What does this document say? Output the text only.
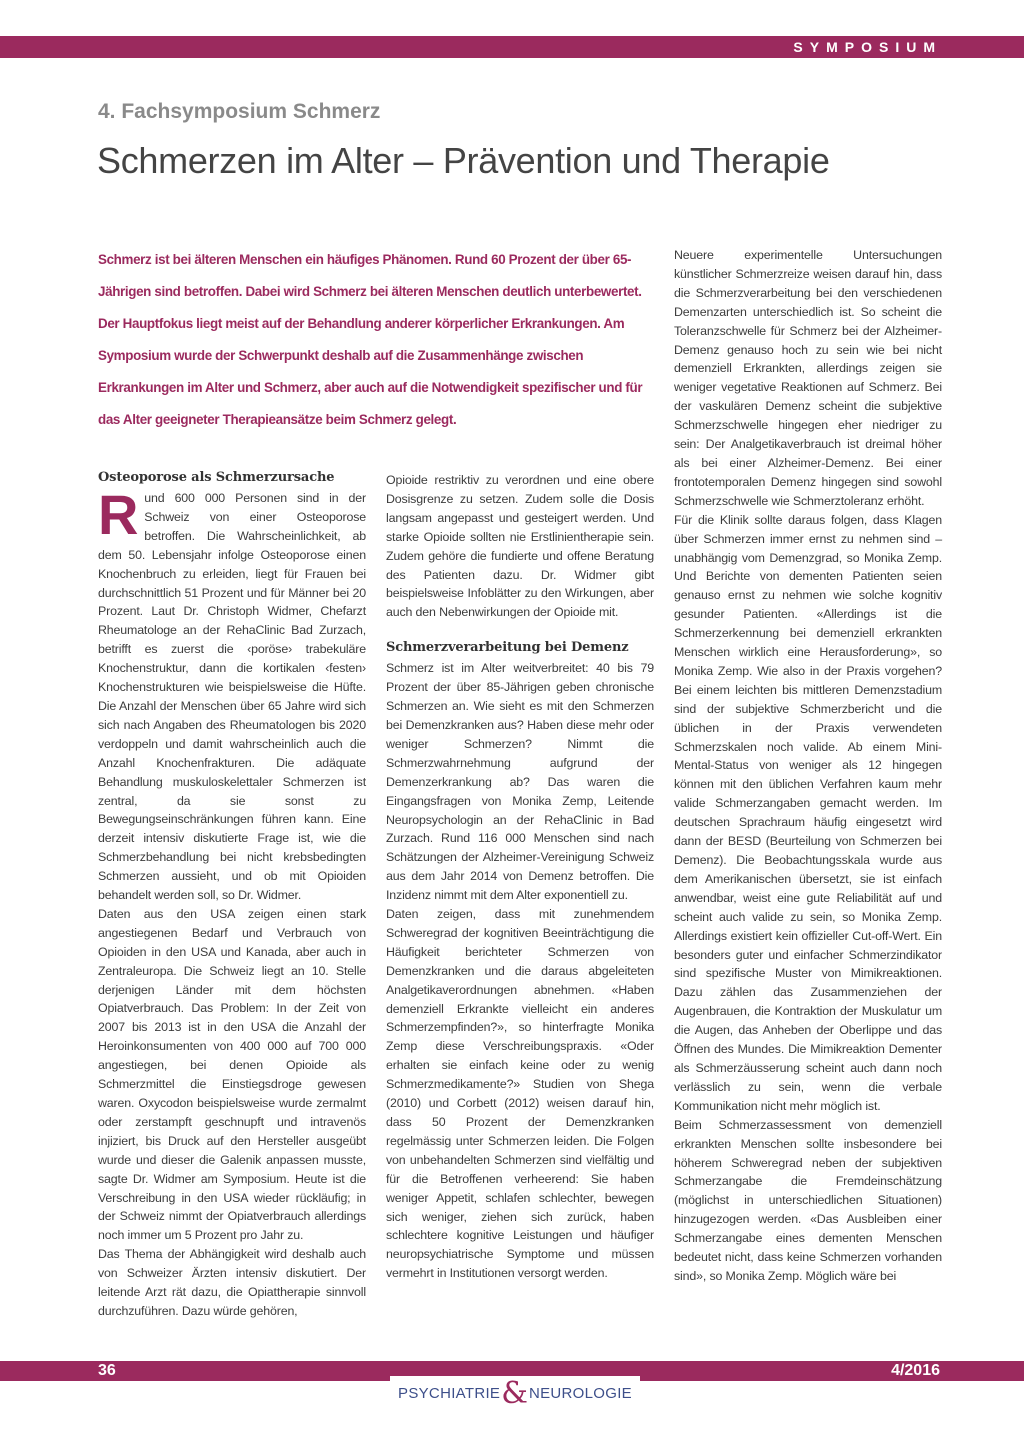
SYMPOSIUM
4. Fachsymposium Schmerz
Schmerzen im Alter – Prävention und Therapie
Schmerz ist bei älteren Menschen ein häufiges Phänomen. Rund 60 Prozent der über 65-Jährigen sind betroffen. Dabei wird Schmerz bei älteren Menschen deutlich unterbewertet. Der Hauptfokus liegt meist auf der Behandlung anderer körperlicher Erkrankungen. Am Symposium wurde der Schwerpunkt deshalb auf die Zusammenhänge zwischen Erkrankungen im Alter und Schmerz, aber auch auf die Notwendigkeit spezifischer und für das Alter geeigneter Therapieansätze beim Schmerz gelegt.
Osteoporose als Schmerzursache

Rund 600 000 Personen sind in der Schweiz von einer Osteoporose betroffen. Die Wahrscheinlichkeit, ab dem 50. Lebensjahr infolge Osteoporose einen Knochenbruch zu erleiden, liegt für Frauen bei durchschnittlich 51 Prozent und für Männer bei 20 Prozent. Laut Dr. Christoph Widmer, Chefarzt Rheumatologe an der RehaClinic Bad Zurzach, betrifft es zuerst die ‹poröse› trabekuläre Knochenstruktur, dann die kortikalen ‹festen› Knochenstrukturen wie beispielsweise die Hüfte. Die Anzahl der Menschen über 65 Jahre wird sich sich nach Angaben des Rheumatologen bis 2020 verdoppeln und damit wahrscheinlich auch die Anzahl Knochenfrakturen. Die adäquate Behandlung muskuloskelettaler Schmerzen ist zentral, da sie sonst zu Bewegungseinschränkungen führen kann. Eine derzeit intensiv diskutierte Frage ist, wie die Schmerzbehandlung bei nicht krebsbedingten Schmerzen aussieht, und ob mit Opioiden behandelt werden soll, so Dr. Widmer.

Daten aus den USA zeigen einen stark angestiegenen Bedarf und Verbrauch von Opioiden in den USA und Kanada, aber auch in Zentraleuropa. Die Schweiz liegt an 10. Stelle derjenigen Länder mit dem höchsten Opiatverbrauch. Das Problem: In der Zeit von 2007 bis 2013 ist in den USA die Anzahl der Heroinkonsumenten von 400 000 auf 700 000 angestiegen, bei denen Opioide als Schmerzmittel die Einstiegsdroge gewesen waren. Oxycodon beispielsweise wurde zermalmt oder zerstampft geschnupft und intravenös injiziert, bis Druck auf den Hersteller ausgeübt wurde und dieser die Galenik anpassen musste, sagte Dr. Widmer am Symposium. Heute ist die Verschreibung in den USA wieder rückläufig; in der Schweiz nimmt der Opiatverbrauch allerdings noch immer um 5 Prozent pro Jahr zu.

Das Thema der Abhängigkeit wird deshalb auch von Schweizer Ärzten intensiv diskutiert. Der leitende Arzt rät dazu, die Opiattherapie sinnvoll durchzuführen. Dazu würde gehören,

Opioide restriktiv zu verordnen und eine obere Dosisgrenze zu setzen. Zudem solle die Dosis langsam angepasst und gesteigert werden. Und starke Opioide sollten nie Erstlinientherapie sein. Zudem gehöre die fundierte und offene Beratung des Patienten dazu. Dr. Widmer gibt beispielsweise Infoblätter zu den Wirkungen, aber auch den Nebenwirkungen der Opioide mit.

Schmerzverarbeitung bei Demenz

Schmerz ist im Alter weitverbreitet: 40 bis 79 Prozent der über 85-Jährigen geben chronische Schmerzen an. Wie sieht es mit den Schmerzen bei Demenzkranken aus? Haben diese mehr oder weniger Schmerzen? Nimmt die Schmerzwahrnehmung aufgrund der Demenzerkrankung ab? Das waren die Eingangsfragen von Monika Zemp, Leitende Neuropsychologin an der RehaClinic in Bad Zurzach. Rund 116 000 Menschen sind nach Schätzungen der Alzheimer-Vereinigung Schweiz aus dem Jahr 2014 von Demenz betroffen. Die Inzidenz nimmt mit dem Alter exponentiell zu.

Daten zeigen, dass mit zunehmendem Schweregrad der kognitiven Beeinträchtigung die Häufigkeit berichteter Schmerzen von Demenzkranken und die daraus abgeleiteten Analgetikaverordnungen abnehmen. «Haben demenziell Erkrankte vielleicht ein anderes Schmerzempfinden?», so hinterfragte Monika Zemp diese Verschreibungspraxis. «Oder erhalten sie einfach keine oder zu wenig Schmerzmedikamente?» Studien von Shega (2010) und Corbett (2012) weisen darauf hin, dass 50 Prozent der Demenzkranken regelmässig unter Schmerzen leiden. Die Folgen von unbehandelten Schmerzen sind vielfältig und für die Betroffenen verheerend: Sie haben weniger Appetit, schlafen schlechter, bewegen sich weniger, ziehen sich zurück, haben schlechtere kognitive Leistungen und häufiger neuropsychiatrische Symptome und müssen vermehrt in Institutionen versorgt werden.

Neuere experimentelle Untersuchungen künstlicher Schmerzreize weisen darauf hin, dass die Schmerzverarbeitung bei den verschiedenen Demenzarten unterschiedlich ist. So scheint die Toleranzschwelle für Schmerz bei der Alzheimer-Demenz genauso hoch zu sein wie bei nicht demenziell Erkrankten, allerdings zeigen sie weniger vegetative Reaktionen auf Schmerz. Bei der vaskulären Demenz scheint die subjektive Schmerzschwelle hingegen eher niedriger zu sein: Der Analgetikaverbrauch ist dreimal höher als bei einer Alzheimer-Demenz. Bei einer frontotemporalen Demenz hingegen sind sowohl Schmerzschwelle wie Schmerztoleranz erhöht.

Für die Klinik sollte daraus folgen, dass Klagen über Schmerzen immer ernst zu nehmen sind – unabhängig vom Demenzgrad, so Monika Zemp. Und Berichte von dementen Patienten seien genauso ernst zu nehmen wie solche kognitiv gesunder Patienten. «Allerdings ist die Schmerzerkennung bei demenziell erkrankten Menschen wirklich eine Herausforderung», so Monika Zemp. Wie also in der Praxis vorgehen? Bei einem leichten bis mittleren Demenzstadium sind der subjektive Schmerzbericht und die üblichen in der Praxis verwendeten Schmerzskalen noch valide. Ab einem Mini-Mental-Status von weniger als 12 hingegen können mit den üblichen Verfahren kaum mehr valide Schmerzangaben gemacht werden. Im deutschen Sprachraum häufig eingesetzt wird dann der BESD (Beurteilung von Schmerzen bei Demenz). Die Beobachtungsskala wurde aus dem Amerikanischen übersetzt, sie ist einfach anwendbar, weist eine gute Reliabilität auf und scheint auch valide zu sein, so Monika Zemp. Allerdings existiert kein offizieller Cut-off-Wert. Ein besonders guter und einfacher Schmerzindikator sind spezifische Muster von Mimikreaktionen. Dazu zählen das Zusammenziehen der Augenbrauen, die Kontraktion der Muskulatur um die Augen, das Anheben der Oberlippe und das Öffnen des Mundes. Die Mimikreaktion Dementer als Schmerzäusserung scheint auch dann noch verlässlich zu sein, wenn die verbale Kommunikation nicht mehr möglich ist.

Beim Schmerzassessment von demenziell erkrankten Menschen sollte insbesondere bei höherem Schweregrad neben der subjektiven Schmerzangabe die Fremdeinschätzung (möglichst in unterschiedlichen Situationen) hinzugezogen werden. «Das Ausbleiben einer Schmerzangabe eines dementen Menschen bedeutet nicht, dass keine Schmerzen vorhanden sind», so Monika Zemp. Möglich wäre bei

36	4/2016
PSYCHIATRIE&NEUROLOGIE
